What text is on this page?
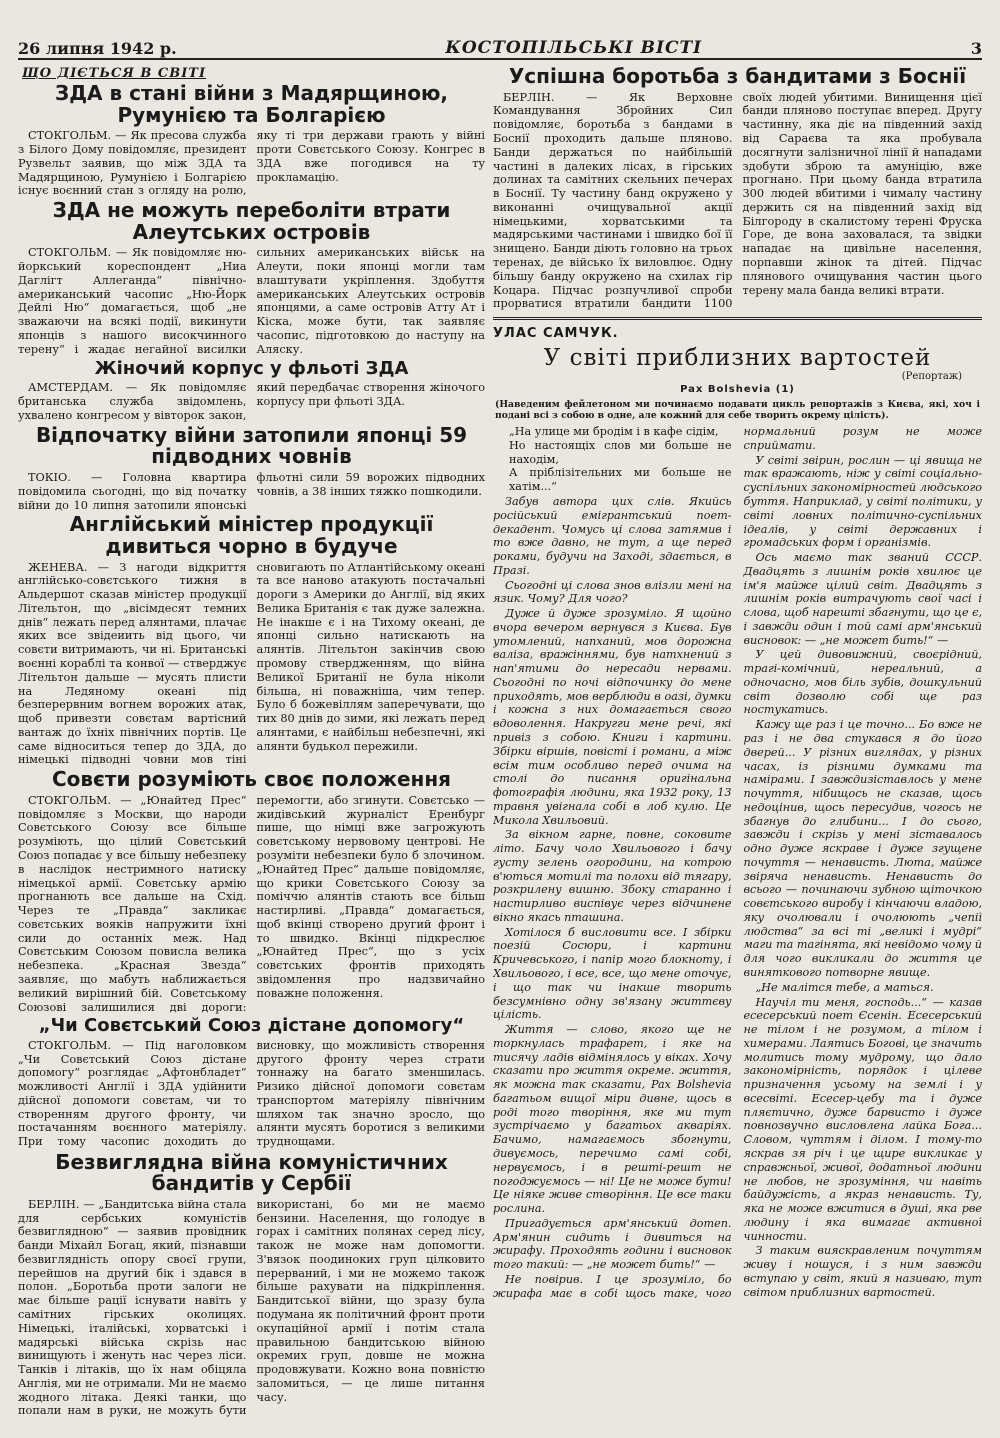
26 липня 1942 р.	КОСТОПІЛЬСЬКІ ВІСТІ	3
ЩО ДІЄТЬСЯ В СВІТІ
ЗДА в стані війни з Мадярщиною, Румунією та Болгарією

СТОКГОЛЬМ. — Як пресова служба з Білого Дому повідомляє, президент Рузвельт заявив, що між ЗДА та Мадярщиною, Румунією і Болгарією існує воєнний стан з огляду на ролю, яку ті три держави грають у війні проти Совєтського Союзу. Конгрес в ЗДА вже погодився на ту прокламацію.

ЗДА не можуть переболіти втрати Алеутських островів

СТОКГОЛЬМ. — Як повідомляє ню-йоркський кореспондент „Ниа Даглігт Аллеганда“ північно-американський часопис „Ню-Йорк Дейлі Ню“ домагається, щоб „не зважаючи на всякі події, викинути японців з нашого високчинного терену“ і жадає негайної висилки сильних американських військ на Алеути, поки японці могли там влаштувати укріплення. Здобуття американських Алеутських островів японцями, а саме островів Атту Ат і Кіска, може бути, так заявляє часопис, підготовкою до наступу на Аляску.

Жіночий корпус у фльоті ЗДА

АМСТЕРДАМ. — Як повідомляє британська служба звідомлень, ухвалено конгресом у вівторок закон, який передбачає створення жіночого корпусу при фльоті ЗДА.

Відпочатку війни затопили японці 59 підводних човнів

ТОКІО. — Головна квартира повідомила сьогодні, що від початку війни до 10 липня затопили японські фльотні сили 59 ворожих підводних човнів, а 38 інших тяжко пошкодили.

Англійський міністер продукції дивиться чорно в будуче

ЖЕНЕВА. — З нагоди відкриття англійсько-совєтського тижня в Альдершот сказав міністер продукції Літельтон, що „вісімдесят темних днів“ лежать перед алянтами, плачає яких все звідеиить від цього, чи совєти витримають, чи ні. Британські воєнні кораблі та конвої — стверджує Літельтон дальше — мусять плисти на Ледяному океані під безперервним вогнем ворожих атак, щоб привезти совєтам вартісний вантаж до їхніх північних портів. Це саме відноситься тепер до ЗДА, до німецькі підводні човни мов тіні сновигають по Атлантійському океані та все наново атакують постачальні дороги з Америки до Англії, від яких Велика Британія є так дуже залежна. Не інакше є і на Тихому океані, де японці сильно натискають на алянтів. Літельтон закінчив свою промову ствердженням, що війна Великої Британії не була ніколи більша, ні поважніша, чим тепер. Було б божевіллям заперечувати, що тих 80 днів до зими, які лежать перед алянтами, є найбільш небезпечні, які алянти будькол пережили.

Совєти розуміють своє положення

СТОКГОЛЬМ. — „Юнайтед Прес“ повідомляє з Москви, що народи Совєтського Союзу все більше розуміють, що цілий Совєтський Союз попадає у все більшу небезпеку в наслідок нестримного натиску німецької армії. Совєтську армію прогнанють все дальше на Схід. Через те „Правда“ закликає совєтських вояків напружити їхні сили до останніх меж. Над Совєтським Союзом повисла велика небезпека. „Красная Звезда“ заявляє, що мабуть наближається великий вирішний бій. Совєтському Союзові залишилися дві дороги: перемогти, або згинути. Совєтсько — жидівський журналіст Еренбург пише, що німці вже загрожують совєтському нервовому центрові. Не розуміти небезпеки було б злочином. „Юнайтед Прес“ дальше повідомляє, що крики Совєтського Союзу за поміччю алянтів стають все більш настирливі. „Правда“ домагається, щоб вкінці створено другий фронт і то швидко. Вкінці підкреслює „Юнайтед Прес“, що з усіх совєтських фронтів приходять звідомлення про надзвичайно поважне положення.

„Чи Совєтський Союз дістане допомогу“

СТОКГОЛЬМ. — Під наголовком „Чи Совєтський Союз дістане допомогу“ розглядає „Афтонбладет“ можливості Англії і ЗДА удійнити дійсної допомоги совєтам, чи то створенням другого фронту, чи постачанням воєнного матеріялу. При тому часопис доходить до висновку, що можливість створення другого фронту через страти тоннажу на багато зменшилась. Ризико дійсної допомоги совєтам транспортом матеріялу північним шляхом так значно зросло, що алянти мусять боротися з великими труднощами.

Безвиглядна війна комуністичних бандитів у Сербії

БЕРЛІН. — „Бандитська війна стала для сербських комуністів безвиглядною“ — заявив провідник банди Міхайл Богац, який, пізнавши безвиглядність опору своєї групи, перейшов на другий бік і здався в полон. „Боротьба проти залоги не має більше рації існувати навіть у самітних гірських околицях. Німецькі, італійські, хорватські і мадярські війська скрізь нас винищують і женуть нас через ліси. Танків і літаків, що їх нам обіцяла Англія, ми не отримали. Ми не маємо жодного літака. Деякі танки, що попали нам в руки, не можуть бути використані, бо ми не маємо бензини. Населення, що голодує в горах і самітних полянах серед лісу, також не може нам допомогти. З'вязок поодиноких груп цілковито перерваний, і ми не можемо також більше рахувати на підкріплення. Бандитської війни, що зразу була подумана як політичний фронт проти окупаційної армії і потім стала правильною бандитською війною окремих груп, довше не можна продовжувати. Кожно вона повністю заломиться, — це лише питання часу.

Успішна боротьба з бандитами з Боснії

БЕРЛІН.	— Як Верховне Командування Збройних Сил повідомляє, боротьба з бандами в Боснії проходить дальше пляново. Банди держаться по найбільшій частині в далеких лісах, в гірських долинах та самітних скельних печерах в Боснії. Ту частину банд окружено у виконанні очищувальної акції німецькими, хорватськими та мадярськими частинами і швидко бої її знищено. Банди діють головно на трьох теренах, де військо їх виловлює. Одну більшу банду окружено на схилах гір Коцара. Підчас розпучливої спроби прорватися втратили бандити 1100 своїх людей убитими. Винищення цієї банди пляново поступає вперед. Другу частинну, яка діє на південний захід від Сараєва та яка пробувала досягнути залізничної лінії й нападами здобути зброю та амуніцію, вже прогнано. При цьому банда втратила 300 людей вбитими і чималу частину держить ся на південний захід від Білгороду в скалистому терені Фруска Горе, де вона заховалася, та звідки нападає на цивільне населення, порпавши жінок та дітей. Підчас плянового очищування частин цього терену мала банда великі втрати.

УЛАС САМЧУК.
У світі приблизних вартостей
(Репортаж)
Pax Bolshevia (1)
(Наведеним фейлетоном ми починаємо подавати цикль репортажів з Києва, які, хоч і подані всі з собою в одне, але кожний для себе творить окрему цілість).

„На улице ми бродім і в кафе сідім,
Но настоящіх слов ми больше не находім,
А пріблізітельних ми больше не хатім...“

Забув автора цих слів. Якийсь російський емігрантський поет-декадент. Чомусь ці слова затямив і то вже давно, не тут, а ще перед роками, будучи на Заході, здається, в Празі.

Сьогодні ці слова знов влізли мені на язик. Чому? Для чого?

Дуже й дуже зрозуміло. Я щойно вчора вечером вернувся з Києва. Був утомлений, напханий, мов дорожна валіза, вражіннями, був натхнений з нап'ятими до нересади нервами. Сьогодні по ночі відпочинку до мене приходять, мов верблюди в оазі, думки і кожна з них домагається свого вдоволення. Накругги мене речі, які привіз з собою. Книги і картини. Збірки віршів, повісті і романи, а між всім тим особливо перед очима на столі до писання оригінальна фотографія людини, яка 1932 року, 13 травня увігнала собі в лоб кулю. Це Микола Хвильовий.

За вікном гарне, повне, соковите літо. Бачу чоло Хвильового і бачу густу зелень огородини, на котрою в'ються мотилі та полохи від тягару, розкрилену вишню. Збоку старанно і настирливо виспівує через відчинене вікно якась пташина.

Хотілося б висловити все. І збірки поезій Сосюри, і картини Кричевського, і папір мого блокноту, і Хвильового, і все, все, що мене оточує, і що так чи інакше творить безсумнівно одну зв'язану життєву цілість.

Життя — слово, якого ще не торкнулась трафарет, і яке на тисячу ладів відмінялось у віках. Хочу сказати про життя окреме. життя, як можна так сказати, Pax Bolshevia багатьом вищої міри дивне, щось в роді того творіння, яке ми тут зустрічаємо у багатьох акваріях. Бачимо, намагаємось збогнути, дивуємось, перечимо самі собі, нервуємось, і в решті-решт не погоджуємось — ні! Це не може бути! Це ніяке живе створіння. Це все таки рослина.

Пригадується арм'янський дотеп. Арм'янин сидить і дивиться на жирафу. Проходять години і висновок того такий: — „не может бить!“ —

Не повірив. І це зрозуміло, бо жирафа має в собі щось таке, чого нормальний розум не може сприймати.

У світі звірин, рослин — ці явища не так вражають, ніж у світі соціально-суспільних закономірностей людського буття. Наприклад, у світі політики, у світі ловних політично-суспільних ідеалів, у світі державних і громадських форм і організмів.

Ось маємо так званий СССР. Двадцять з лишнім років хвилює це ім'я майже цілий світ. Двадцять з лишнім років витрачують свої часі і слова, щоб нарешті збагнути, що це є, і завжди один і той самі арм'янський висновок: — „не может бить!“ —

У цей дивовижний, своєрідний, трагі-комічний, нереальний, а одночасно, мов біль зубів, дошкульний світ дозволю собі ще раз ностукатись.

Кажу ще раз і це точно... Бо вже не раз і не два стукався я до його дверей... У різних виглядах, у різних часах, із різними думками та намірами. І завждизіставлось у мене почуття, нібищось не сказав, щось недоцінив, щось пересудив, чогось не збагнув до глибини... І до сього, завжди і скрізь у мені зіставалось одно дуже яскраве і дуже згущене почуття — ненависть. Люта, майже звіряча ненависть. Ненависть до всього — починаючи зубною щіточкою совєтського виробу і кінчаючи владою, яку очолювали і очолюють „чепії людства“ за всі ті „великі і мудрі“ маги та тагінята, які невідомо чому й для чого викликали до життя це виняткового потворне явище.

„Не малітся тебе, а маться.

Научіл ти меня, господь...“ — казав есесерський поет Єсенін. Есесерський не тілом і не розумом, а тілом і химерами. Лаятись Богові, це значить молитись тому мудрому, що дало закономірність, порядок і цілеве призначення усьому на землі і у всесвіті. Есесер-цебу та і дуже пляєтично, дуже барвисто і дуже повнозвучно висловлена лайка Бога... Словом, чуттям і ділом. І тому-то яскрав зя річ і це щире викликає у справжньої, живої, додатньої людини не любов, не зрозуміння, чи навіть байдужість, а якраз ненависть. Ту, яка не може вжитися в душі, яка рве людину і яка вимагає активної чинности.

З таким вияскравленим почуттям живу і ношуся, і з ним завжди вступаю у світ, який я називаю, тут світом приблизних вартостей.
